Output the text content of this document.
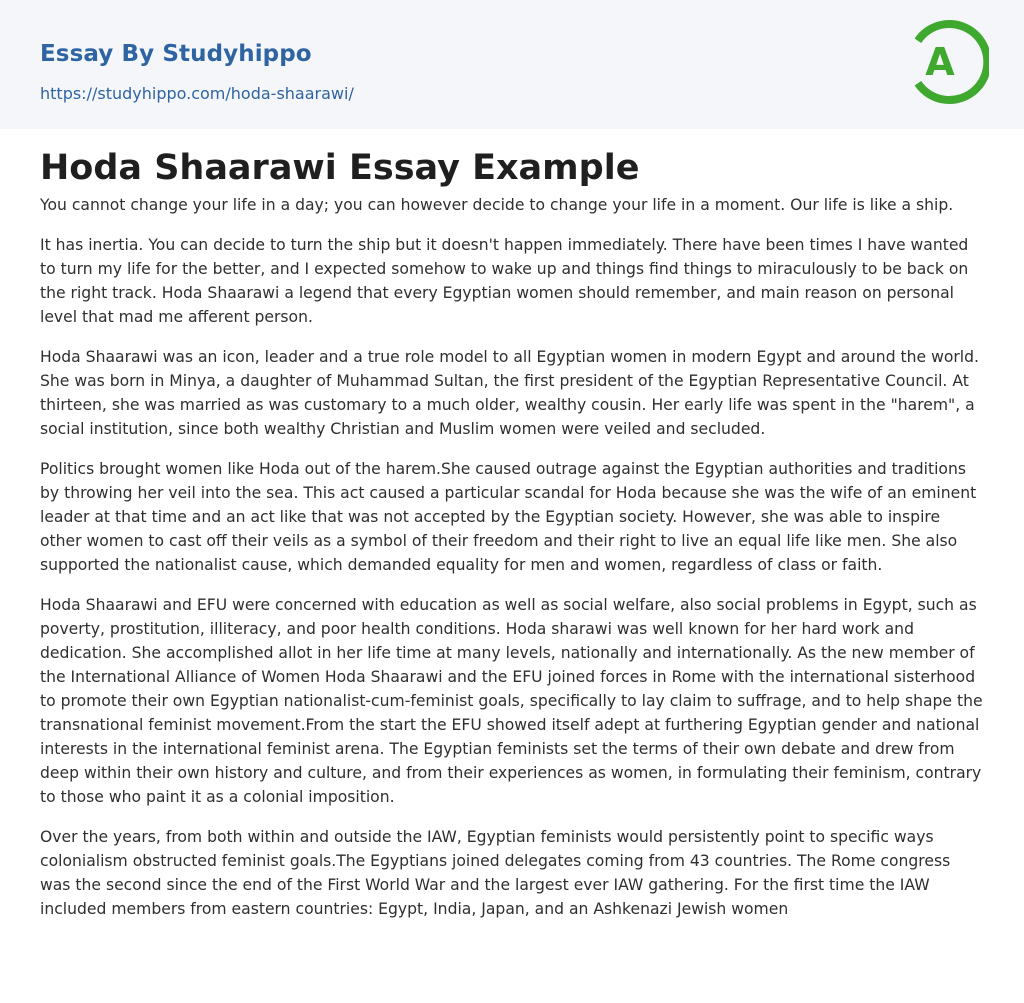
Essay By Studyhippo
https://studyhippo.com/hoda-shaarawi/
A
Hoda Shaarawi Essay Example

You cannot change your life in a day; you can however decide to change your life in a moment. Our life is like a ship.

It has inertia. You can decide to turn the ship but it doesn't happen immediately. There have been times I have wanted to turn my life for the better, and I expected somehow to wake up and things find things to miraculously to be back on the right track. Hoda Shaarawi a legend that every Egyptian women should remember, and main reason on personal level that mad me afferent person.

Hoda Shaarawi was an icon, leader and a true role model to all Egyptian women in modern Egypt and around the world. She was born in Minya, a daughter of Muhammad Sultan, the first president of the Egyptian Representative Council. At thirteen, she was married as was customary to a much older, wealthy cousin. Her early life was spent in the "harem", a social institution, since both wealthy Christian and Muslim women were veiled and secluded.

Politics brought women like Hoda out of the harem.She caused outrage against the Egyptian authorities and traditions by throwing her veil into the sea. This act caused a particular scandal for Hoda because she was the wife of an eminent leader at that time and an act like that was not accepted by the Egyptian society. However, she was able to inspire other women to cast off their veils as a symbol of their freedom and their right to live an equal life like men. She also supported the nationalist cause, which demanded equality for men and women, regardless of class or faith.

Hoda Shaarawi and EFU were concerned with education as well as social welfare, also social problems in Egypt, such as poverty, prostitution, illiteracy, and poor health conditions. Hoda sharawi was well known for her hard work and dedication. She accomplished allot in her life time at many levels, nationally and internationally. As the new member of the International Alliance of Women Hoda Shaarawi and the EFU joined forces in Rome with the international sisterhood to promote their own Egyptian nationalist-cum-feminist goals, specifically to lay claim to suffrage, and to help shape the transnational feminist movement.From the start the EFU showed itself adept at furthering Egyptian gender and national interests in the international feminist arena. The Egyptian feminists set the terms of their own debate and drew from deep within their own history and culture, and from their experiences as women, in formulating their feminism, contrary to those who paint it as a colonial imposition.

Over the years, from both within and outside the IAW, Egyptian feminists would persistently point to specific ways colonialism obstructed feminist goals.The Egyptians joined delegates coming from 43 countries. The Rome congress was the second since the end of the First World War and the largest ever IAW gathering. For the first time the IAW included members from eastern countries: Egypt, India, Japan, and an Ashkenazi Jewish women
